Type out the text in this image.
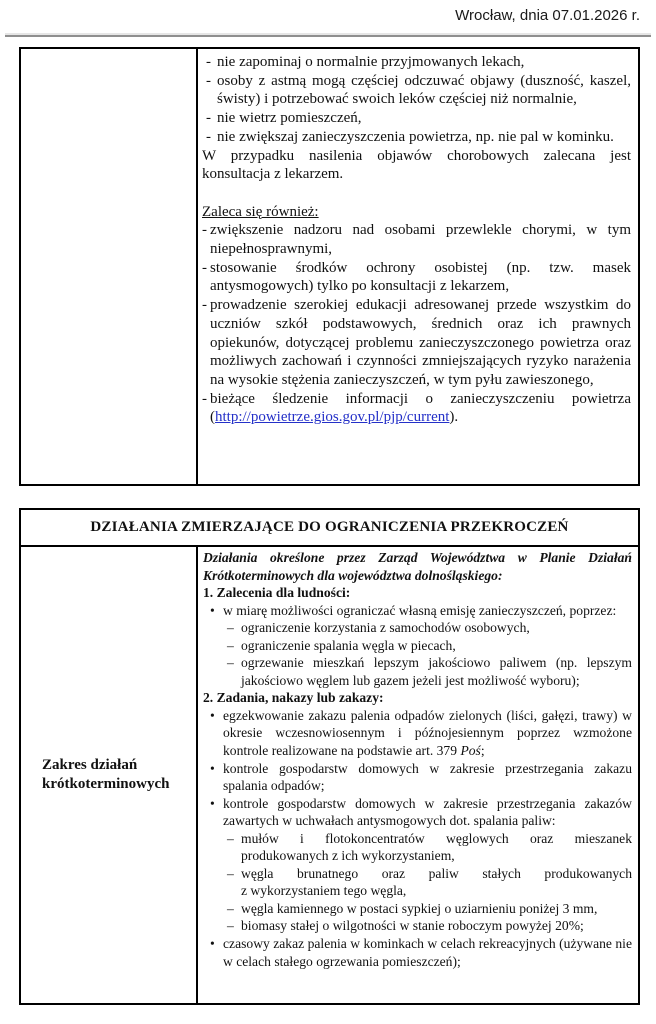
Wrocław, dnia 07.01.2026 r.
- nie zapominaj o normalnie przyjmowanych lekach,
- osoby z astmą mogą częściej odczuwać objawy (duszność, kaszel, świsty) i potrzebować swoich leków częściej niż normalnie,
- nie wietrz pomieszczeń,
- nie zwiększaj zanieczyszczenia powietrza, np. nie pal w kominku.
W przypadku nasilenia objawów chorobowych zalecana jest konsultacja z lekarzem.
Zaleca się również:
- zwiększenie nadzoru nad osobami przewlekle chorymi, w tym niepełnosprawnymi,
- stosowanie środków ochrony osobistej (np. tzw. masek antysmogowych) tylko po konsultacji z lekarzem,
- prowadzenie szerokiej edukacji adresowanej przede wszystkim do uczniów szkół podstawowych, średnich oraz ich prawnych opiekunów, dotyczącej problemu zanieczyszczonego powietrza oraz możliwych zachowań i czynności zmniejszających ryzyko narażenia na wysokie stężenia zanieczyszczeń, w tym pyłu zawieszonego,
- bieżące śledzenie informacji o zanieczyszczeniu powietrza (http://powietrze.gios.gov.pl/pjp/current).
DZIAŁANIA ZMIERZAJĄCE DO OGRANICZENIA PRZEKROCZEŃ
Zakres działań krótkoterminowych
Działania określone przez Zarząd Województwa w Planie Działań Krótkoterminowych dla województwa dolnośląskiego:
1. Zalecenia dla ludności:
• w miarę możliwości ograniczać własną emisję zanieczyszczeń, poprzez:
– ograniczenie korzystania z samochodów osobowych,
– ograniczenie spalania węgla w piecach,
– ogrzewanie mieszkań lepszym jakościowo paliwem (np. lepszym jakościowo węglem lub gazem jeżeli jest możliwość wyboru);
2. Zadania, nakazy lub zakazy:
• egzekwowanie zakazu palenia odpadów zielonych (liści, gałęzi, trawy) w okresie wczesnowiosennym i późnojesiennym poprzez wzmożone kontrole realizowane na podstawie art. 379 Poś;
• kontrole gospodarstw domowych w zakresie przestrzegania zakazu spalania odpadów;
• kontrole gospodarstw domowych w zakresie przestrzegania zakazów zawartych w uchwałach antysmogowych dot. spalania paliw:
– mułów i flotokoncentratów węglowych oraz mieszanek produkowanych z ich wykorzystaniem,
– węgla brunatnego oraz paliw stałych produkowanych z wykorzystaniem tego węgla,
– węgla kamiennego w postaci sypkiej o uziarnieniu poniżej 3 mm,
– biomasy stałej o wilgotności w stanie roboczym powyżej 20%;
• czasowy zakaz palenia w kominkach w celach rekreacyjnych (używane nie w celach stałego ogrzewania pomieszczeń);
